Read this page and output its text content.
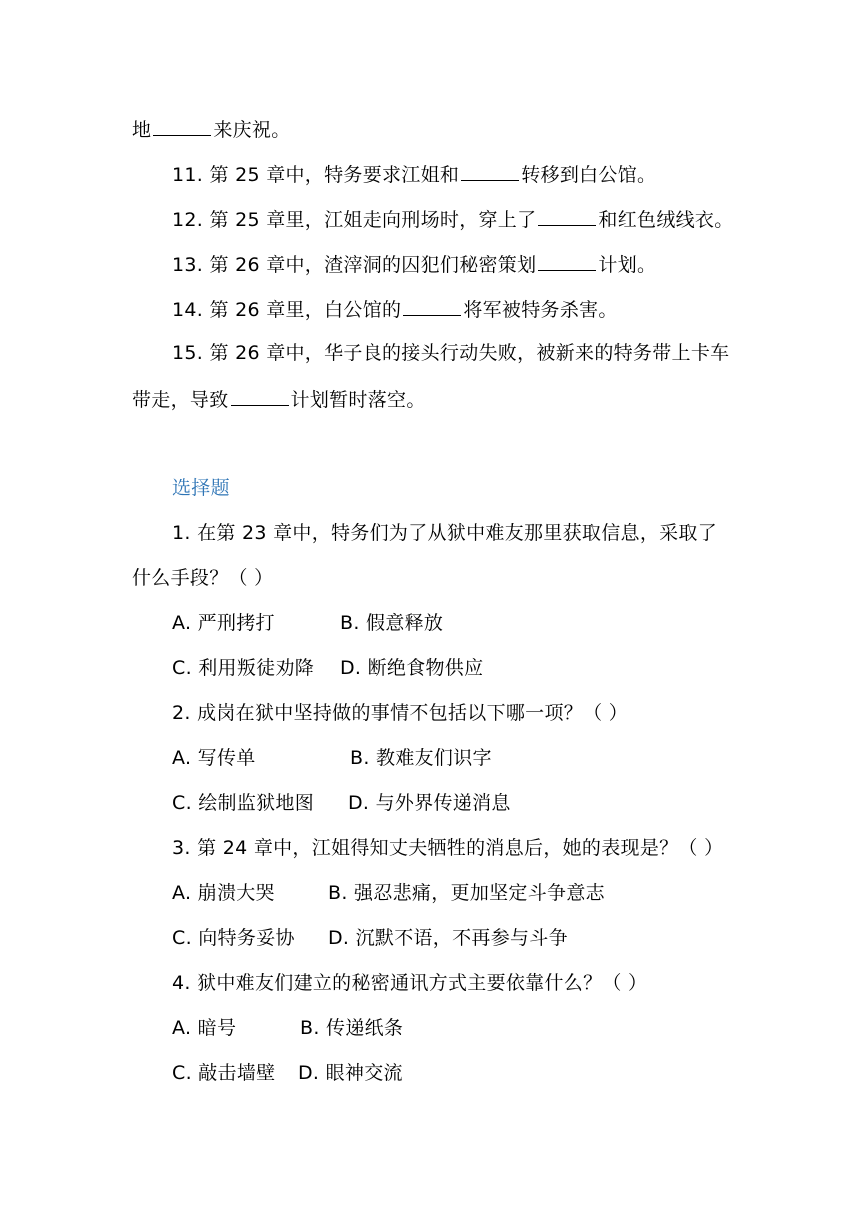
地	来庆祝。
11. 第 25 章中，特务要求江姐和	转移到白公馆。
12. 第 25 章里，江姐走向刑场时，穿上了	和红色绒线衣。
13. 第 26 章中，渣滓洞的囚犯们秘密策划	计划。
14. 第 26 章里，白公馆的	将军被特务杀害。
15. 第 26 章中，华子良的接头行动失败，被新来的特务带上卡车
带走，导致	计划暂时落空。
选择题
1. 在第 23 章中，特务们为了从狱中难友那里获取信息，采取了
什么手段？（ ）
A. 严刑拷打	B. 假意释放
C. 利用叛徒劝降 D. 断绝食物供应
2. 成岗在狱中坚持做的事情不包括以下哪一项？（ ）
A. 写传单	B. 教难友们识字
C. 绘制监狱地图 D. 与外界传递消息
3. 第 24 章中，江姐得知丈夫牺牲的消息后，她的表现是？（ ）
A. 崩溃大哭	B. 强忍悲痛，更加坚定斗争意志
C. 向特务妥协 D. 沉默不语，不再参与斗争
4. 狱中难友们建立的秘密通讯方式主要依靠什么？（ ）
A. 暗号	B. 传递纸条
C. 敲击墙壁 D. 眼神交流
